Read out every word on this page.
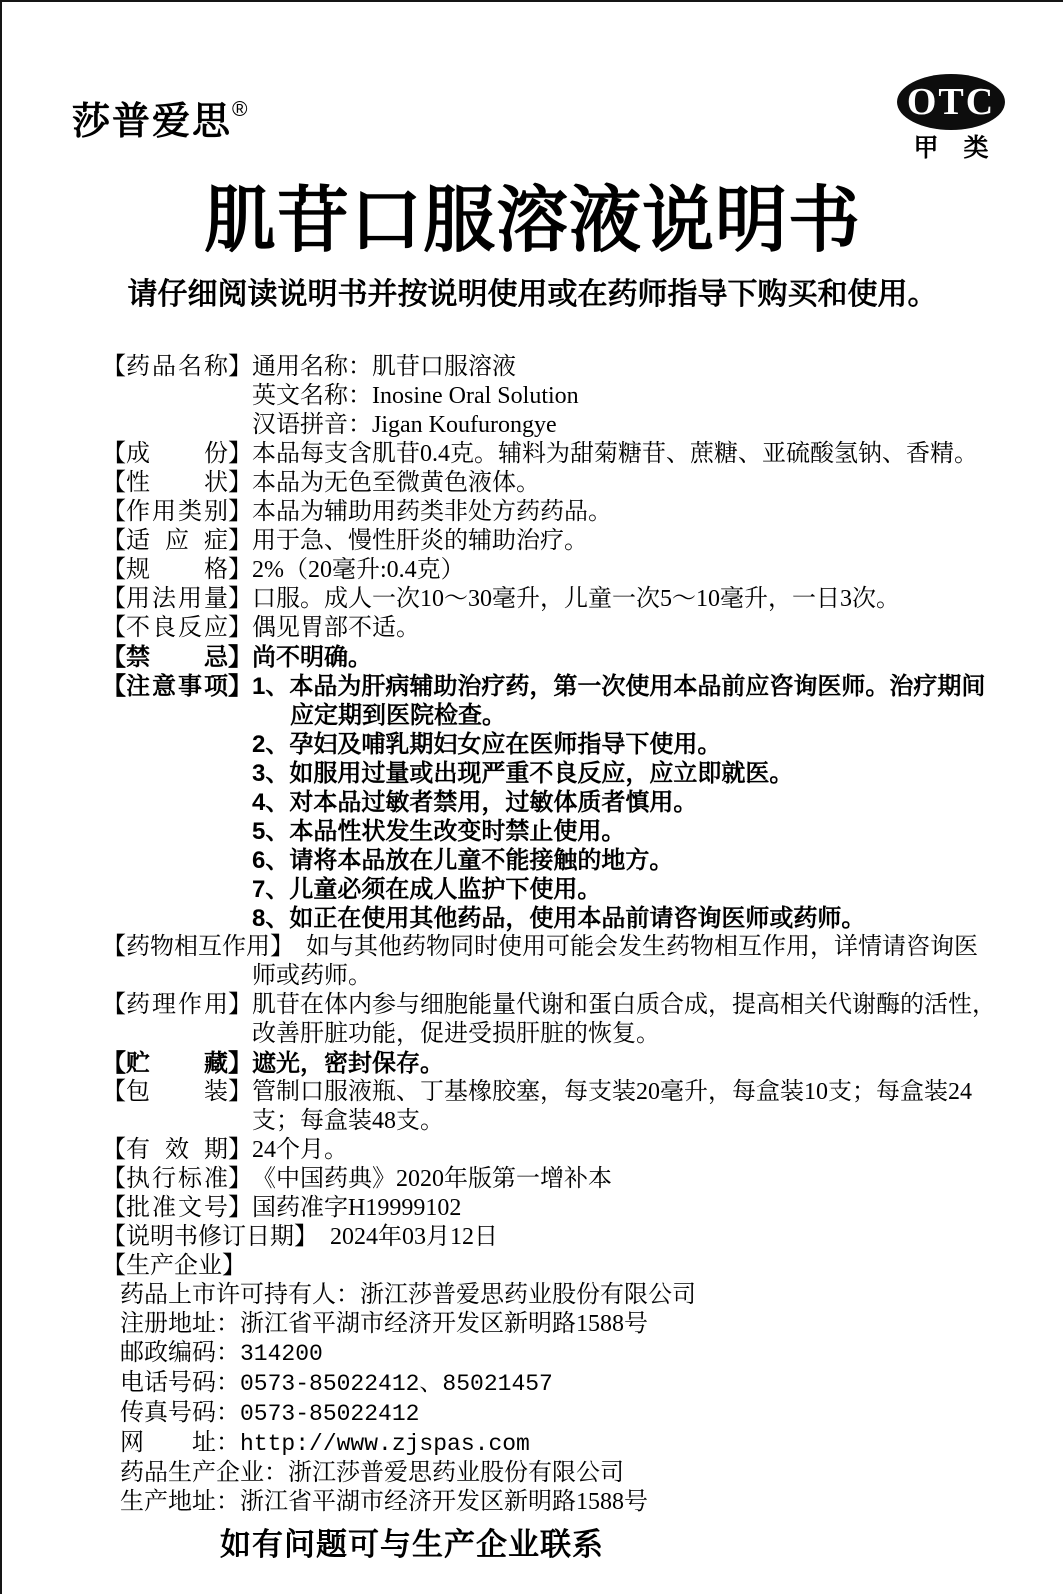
莎普爱思®	OTC
甲　类
肌苷口服溶液说明书
请仔细阅读说明书并按说明使用或在药师指导下购买和使用。
【 药品名称 】 通用名称：肌苷口服溶液
英文名称：Inosine Oral Solution
汉语拼音：Jigan Koufurongye
【 成份 】 本品每支含肌苷0.4克。辅料为甜菊糖苷、蔗糖、亚硫酸氢钠、香精。
【 性状 】 本品为无色至微黄色液体。
【 作用类别 】 本品为辅助用药类非处方药药品。
【 适应症 】 用于急、慢性肝炎的辅助治疗。
【 规格 】 2%（20毫升:0.4克）
【 用法用量 】 口服。成人一次10～30毫升，儿童一次5～10毫升，一日3次。
【 不良反应 】 偶见胃部不适。
【 禁忌 】 尚不明确。
【 注意事项 】 1、本品为肝病辅助治疗药，第一次使用本品前应咨询医师。治疗期间应定期到医院检查。
2、孕妇及哺乳期妇女应在医师指导下使用。
3、如服用过量或出现严重不良反应，应立即就医。
4、对本品过敏者禁用，过敏体质者慎用。
5、本品性状发生改变时禁止使用。
6、请将本品放在儿童不能接触的地方。
7、儿童必须在成人监护下使用。
8、如正在使用其他药品，使用本品前请咨询医师或药师。
【药物相互作用】 如与其他药物同时使用可能会发生药物相互作用，详情请咨询医师或药师。
【 药理作用 】 肌苷在体内参与细胞能量代谢和蛋白质合成，提高相关代谢酶的活性，改善肝脏功能，促进受损肝脏的恢复。
【 贮藏 】 遮光，密封保存。
【 包装 】 管制口服液瓶、丁基橡胶塞，每支装20毫升，每盒装10支；每盒装24支；每盒装48支。
【 有效期 】 24个月。
【 执行标准 】 《中国药典》2020年版第一增补本
【 批准文号 】 国药准字H19999102
【说明书修订日期】 2024年03月12日
【生产企业】
药品上市许可持有人：浙江莎普爱思药业股份有限公司
注册地址：浙江省平湖市经济开发区新明路1588号
邮政编码：314200
电话号码：0573-85022412、85021457
传真号码：0573-85022412
网　　址：http://www.zjspas.com
药品生产企业：浙江莎普爱思药业股份有限公司
生产地址：浙江省平湖市经济开发区新明路1588号
如有问题可与生产企业联系
